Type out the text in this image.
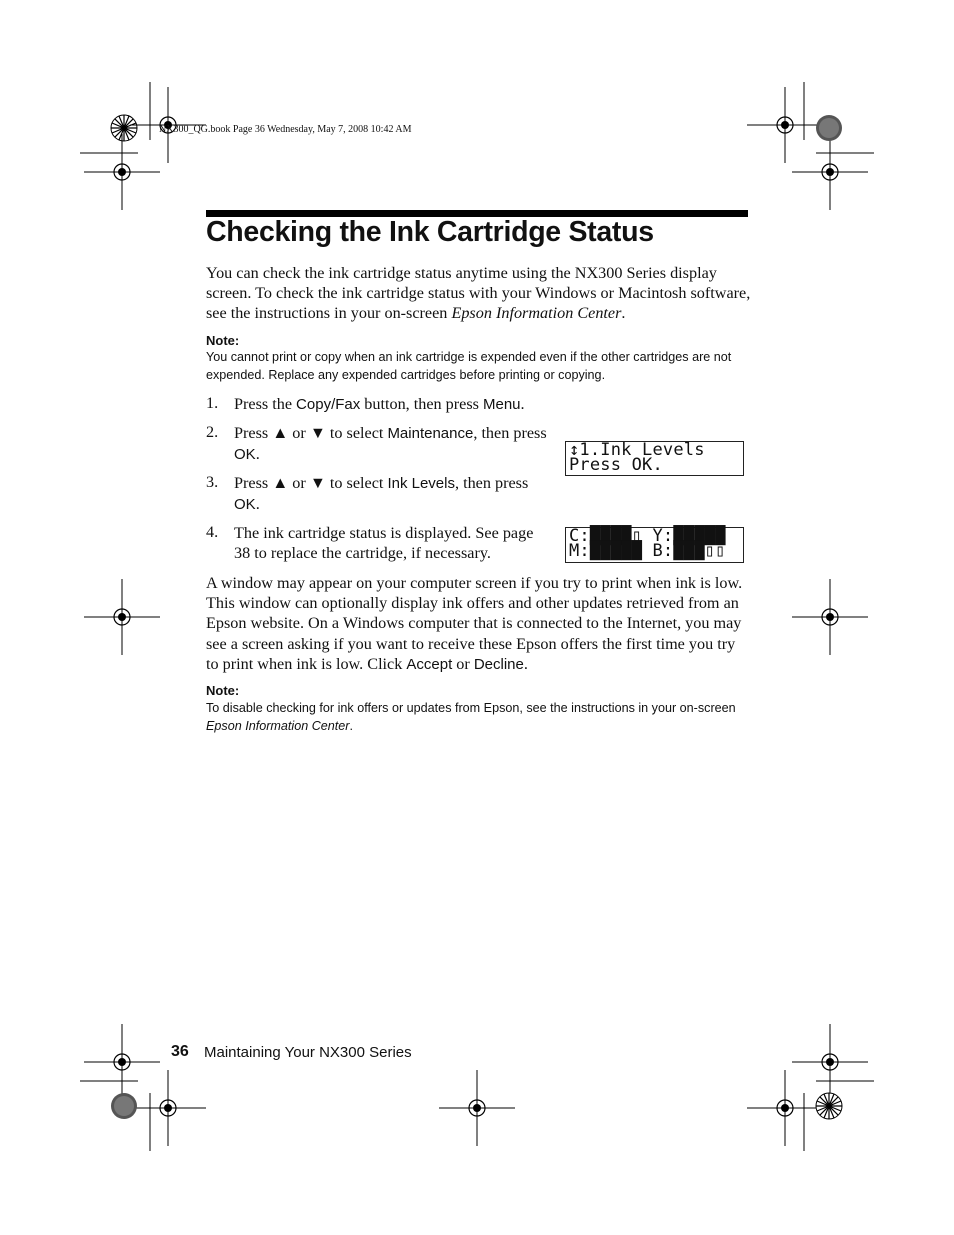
NX300_QG.book Page 36 Wednesday, May 7, 2008 10:42 AM
Checking the Ink Cartridge Status
You can check the ink cartridge status anytime using the NX300 Series display screen. To check the ink cartridge status with your Windows or Macintosh software, see the instructions in your on-screen Epson Information Center.
Note:
You cannot print or copy when an ink cartridge is expended even if the other cartridges are not expended. Replace any expended cartridges before printing or copying.
1. Press the Copy/Fax button, then press Menu.
2. Press ▲ or ▼ to select Maintenance, then press
OK.
3. Press ▲ or ▼ to select Ink Levels, then press
OK.
4. The ink cartridge status is displayed. See page 38 to replace the cartridge, if necessary.
↕1.Ink Levels
Press OK.
C:████▯ Y:█████
M:█████ B:███▯▯
A window may appear on your computer screen if you try to print when ink is low. This window can optionally display ink offers and other updates retrieved from an Epson website. On a Windows computer that is connected to the Internet, you may see a screen asking if you want to receive these Epson offers the first time you try to print when ink is low. Click Accept or Decline.
Note:
To disable checking for ink offers or updates from Epson, see the instructions in your on-screen Epson Information Center.
36 Maintaining Your NX300 Series
